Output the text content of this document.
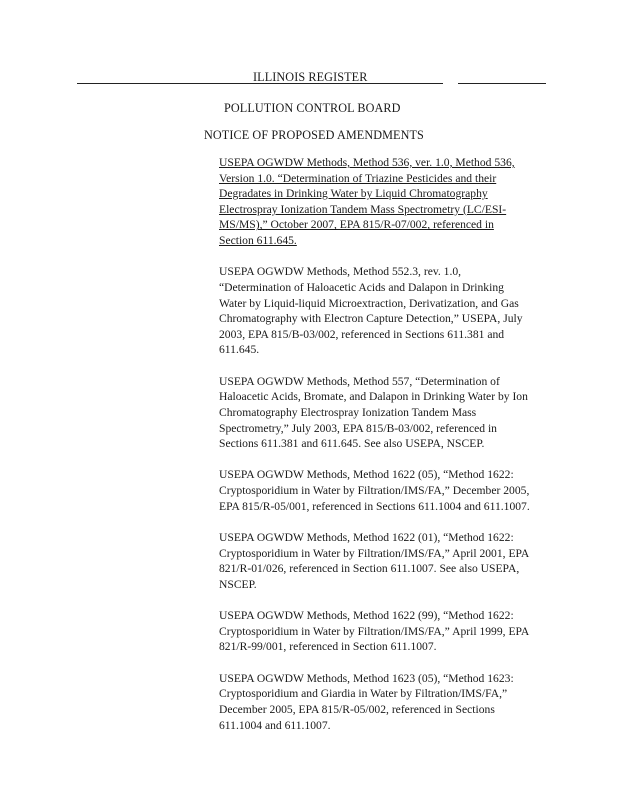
ILLINOIS REGISTER
POLLUTION CONTROL BOARD
NOTICE OF PROPOSED AMENDMENTS
USEPA OGWDW Methods, Method 536, ver. 1.0, Method 536,
Version 1.0. “Determination of Triazine Pesticides and their
Degradates in Drinking Water by Liquid Chromatography
Electrospray Ionization Tandem Mass Spectrometry (LC/ESI-
MS/MS),” October 2007, EPA 815/R-07/002, referenced in
Section 611.645.
USEPA OGWDW Methods, Method 552.3, rev. 1.0,
“Determination of Haloacetic Acids and Dalapon in Drinking
Water by Liquid-liquid Microextraction, Derivatization, and Gas
Chromatography with Electron Capture Detection,” USEPA, July
2003, EPA 815/B-03/002, referenced in Sections 611.381 and
611.645.
USEPA OGWDW Methods, Method 557, “Determination of
Haloacetic Acids, Bromate, and Dalapon in Drinking Water by Ion
Chromatography Electrospray Ionization Tandem Mass
Spectrometry,” July 2003, EPA 815/B-03/002, referenced in
Sections 611.381 and 611.645. See also USEPA, NSCEP.
USEPA OGWDW Methods, Method 1622 (05), “Method 1622:
Cryptosporidium in Water by Filtration/IMS/FA,” December 2005,
EPA 815/R-05/001, referenced in Sections 611.1004 and 611.1007.
USEPA OGWDW Methods, Method 1622 (01), “Method 1622:
Cryptosporidium in Water by Filtration/IMS/FA,” April 2001, EPA
821/R-01/026, referenced in Section 611.1007. See also USEPA,
NSCEP.
USEPA OGWDW Methods, Method 1622 (99), “Method 1622:
Cryptosporidium in Water by Filtration/IMS/FA,” April 1999, EPA
821/R-99/001, referenced in Section 611.1007.
USEPA OGWDW Methods, Method 1623 (05), “Method 1623:
Cryptosporidium and Giardia in Water by Filtration/IMS/FA,”
December 2005, EPA 815/R-05/002, referenced in Sections
611.1004 and 611.1007.
